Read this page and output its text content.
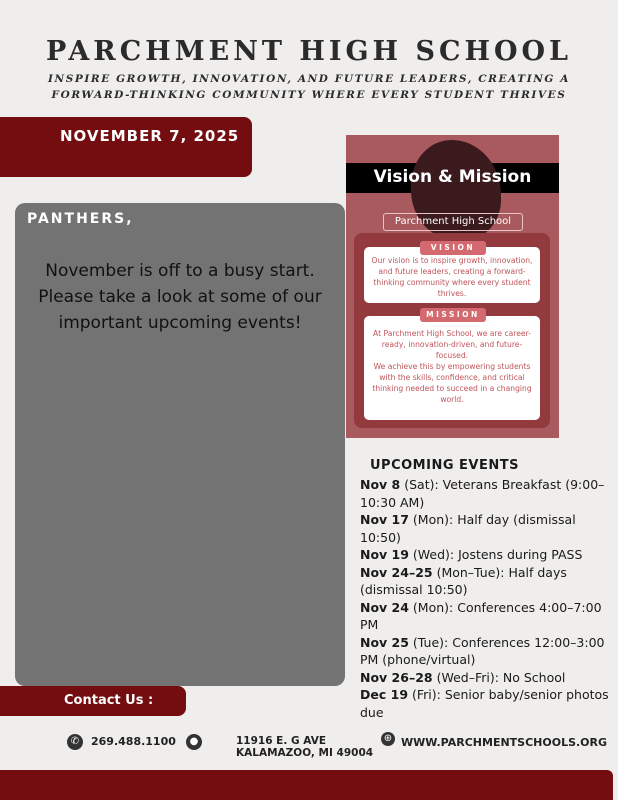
PARCHMENT HIGH SCHOOL
INSPIRE GROWTH, INNOVATION, AND FUTURE LEADERS, CREATING A FORWARD-THINKING COMMUNITY WHERE EVERY STUDENT THRIVES
NOVEMBER 7, 2025
PANTHERS,
November is off to a busy start. Please take a look at some of our important upcoming events!
Vision & Mission
Parchment High School
Our vision is to inspire growth, innovation, and future leaders, creating a forward-thinking community where every student thrives.
VISION
At Parchment High School, we are career-ready, innovation-driven, and future-focused.
We achieve this by empowering students with the skills, confidence, and critical thinking needed to succeed in a changing world.
MISSION
UPCOMING EVENTS
Nov 8 (Sat): Veterans Breakfast (9:00–10:30 AM)
Nov 17 (Mon): Half day (dismissal 10:50)
Nov 19 (Wed): Jostens during PASS
Nov 24–25 (Mon–Tue): Half days (dismissal 10:50)
Nov 24 (Mon): Conferences 4:00–7:00 PM
Nov 25 (Tue): Conferences 12:00–3:00 PM (phone/virtual)
Nov 26–28 (Wed–Fri): No School
Dec 19 (Fri): Senior baby/senior photos due
Contact Us :
✆	269.488.1100	●	11916 E. G AVE
KALAMAZOO, MI 49004
⊕ WWW.PARCHMENTSCHOOLS.ORG
